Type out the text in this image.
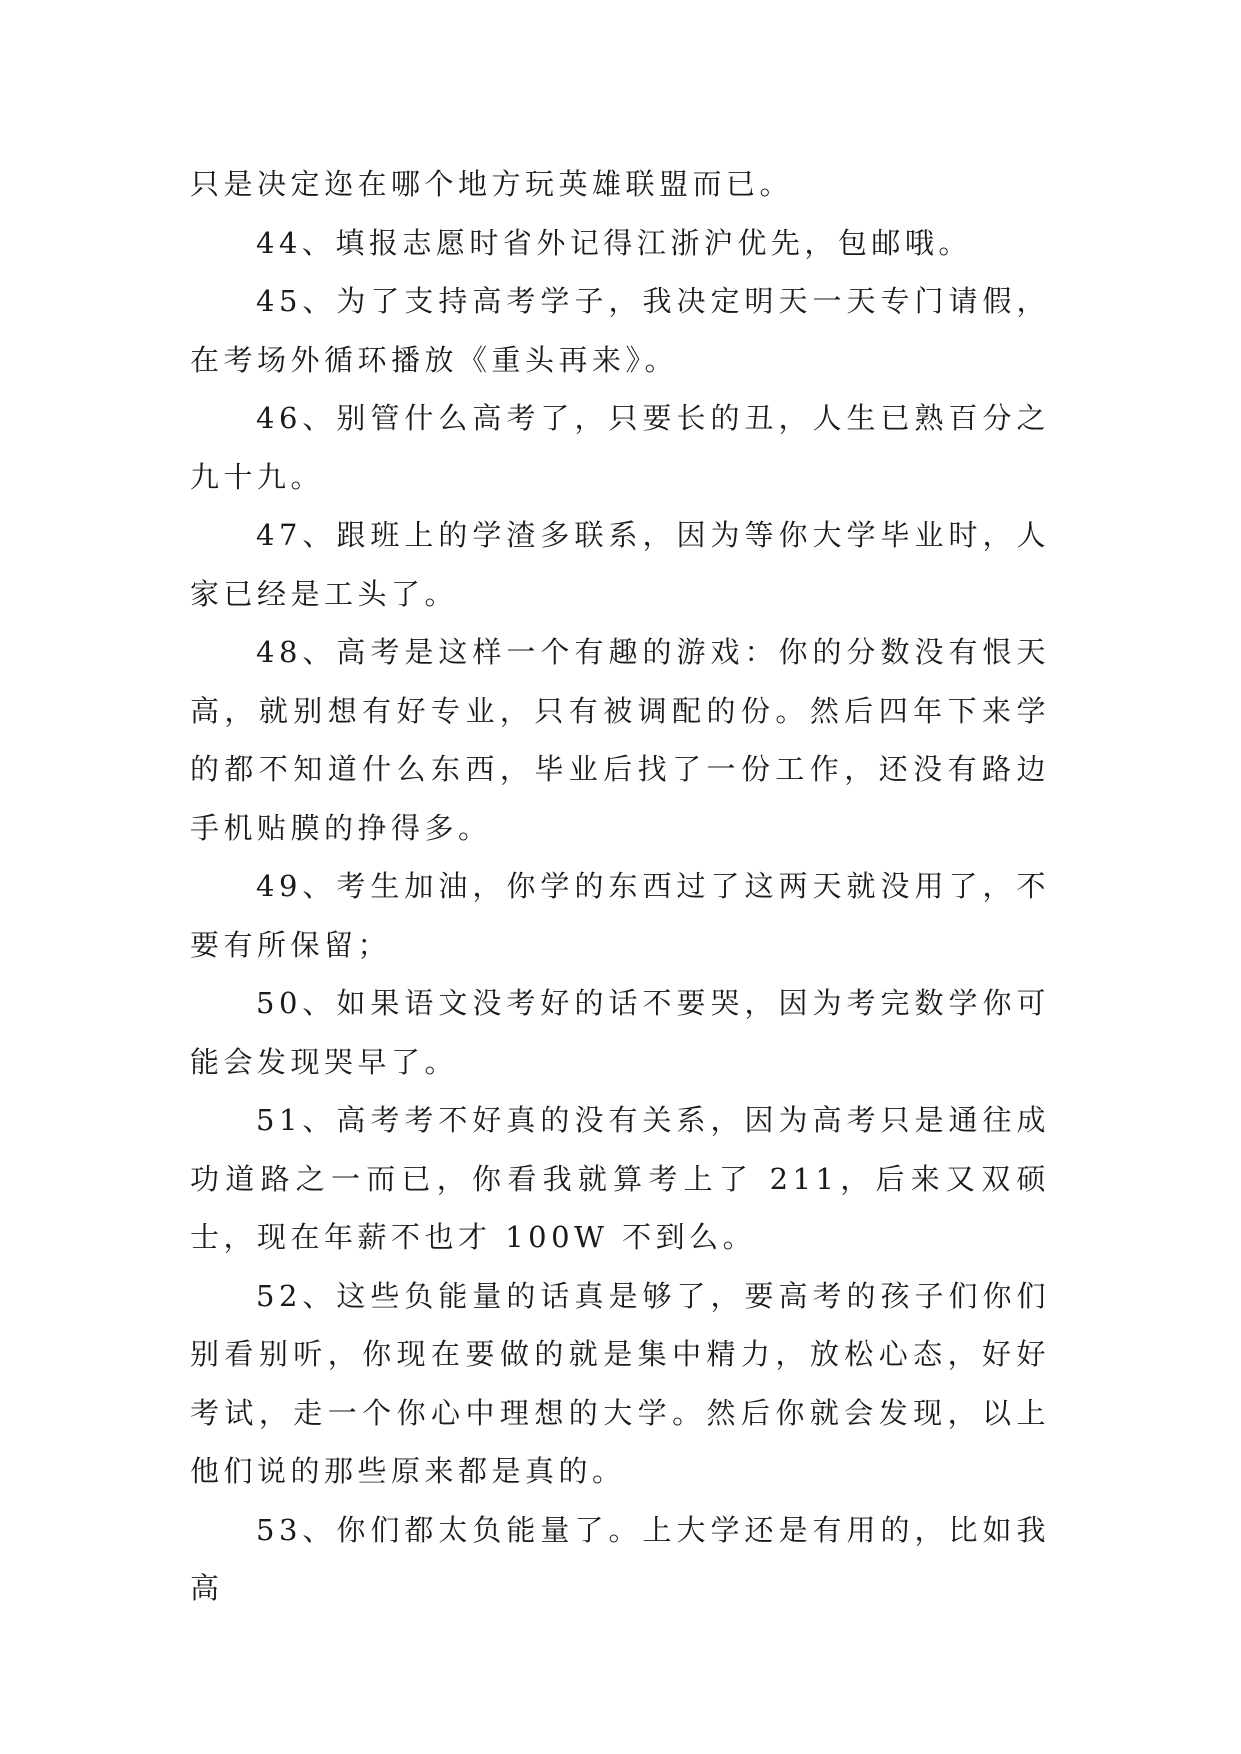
只是决定迩在哪个地方玩英雄联盟而已。

44、填报志愿时省外记得江浙沪优先，包邮哦。

45、为了支持高考学子，我决定明天一天专门请假，在考场外循环播放《重头再来》。

46、别管什么高考了，只要长的丑，人生已熟百分之九十九。

47、跟班上的学渣多联系，因为等你大学毕业时，人家已经是工头了。

48、高考是这样一个有趣的游戏：你的分数没有恨天高，就别想有好专业，只有被调配的份。然后四年下来学的都不知道什么东西，毕业后找了一份工作，还没有路边手机贴膜的挣得多。

49、考生加油，你学的东西过了这两天就没用了，不要有所保留；

50、如果语文没考好的话不要哭，因为考完数学你可能会发现哭早了。

51、高考考不好真的没有关系，因为高考只是通往成功道路之一而已，你看我就算考上了 211，后来又双硕士，现在年薪不也才 100W 不到么。

52、这些负能量的话真是够了，要高考的孩子们你们别看别听，你现在要做的就是集中精力，放松心态，好好考试，走一个你心中理想的大学。然后你就会发现，以上他们说的那些原来都是真的。

53、你们都太负能量了。上大学还是有用的，比如我高
